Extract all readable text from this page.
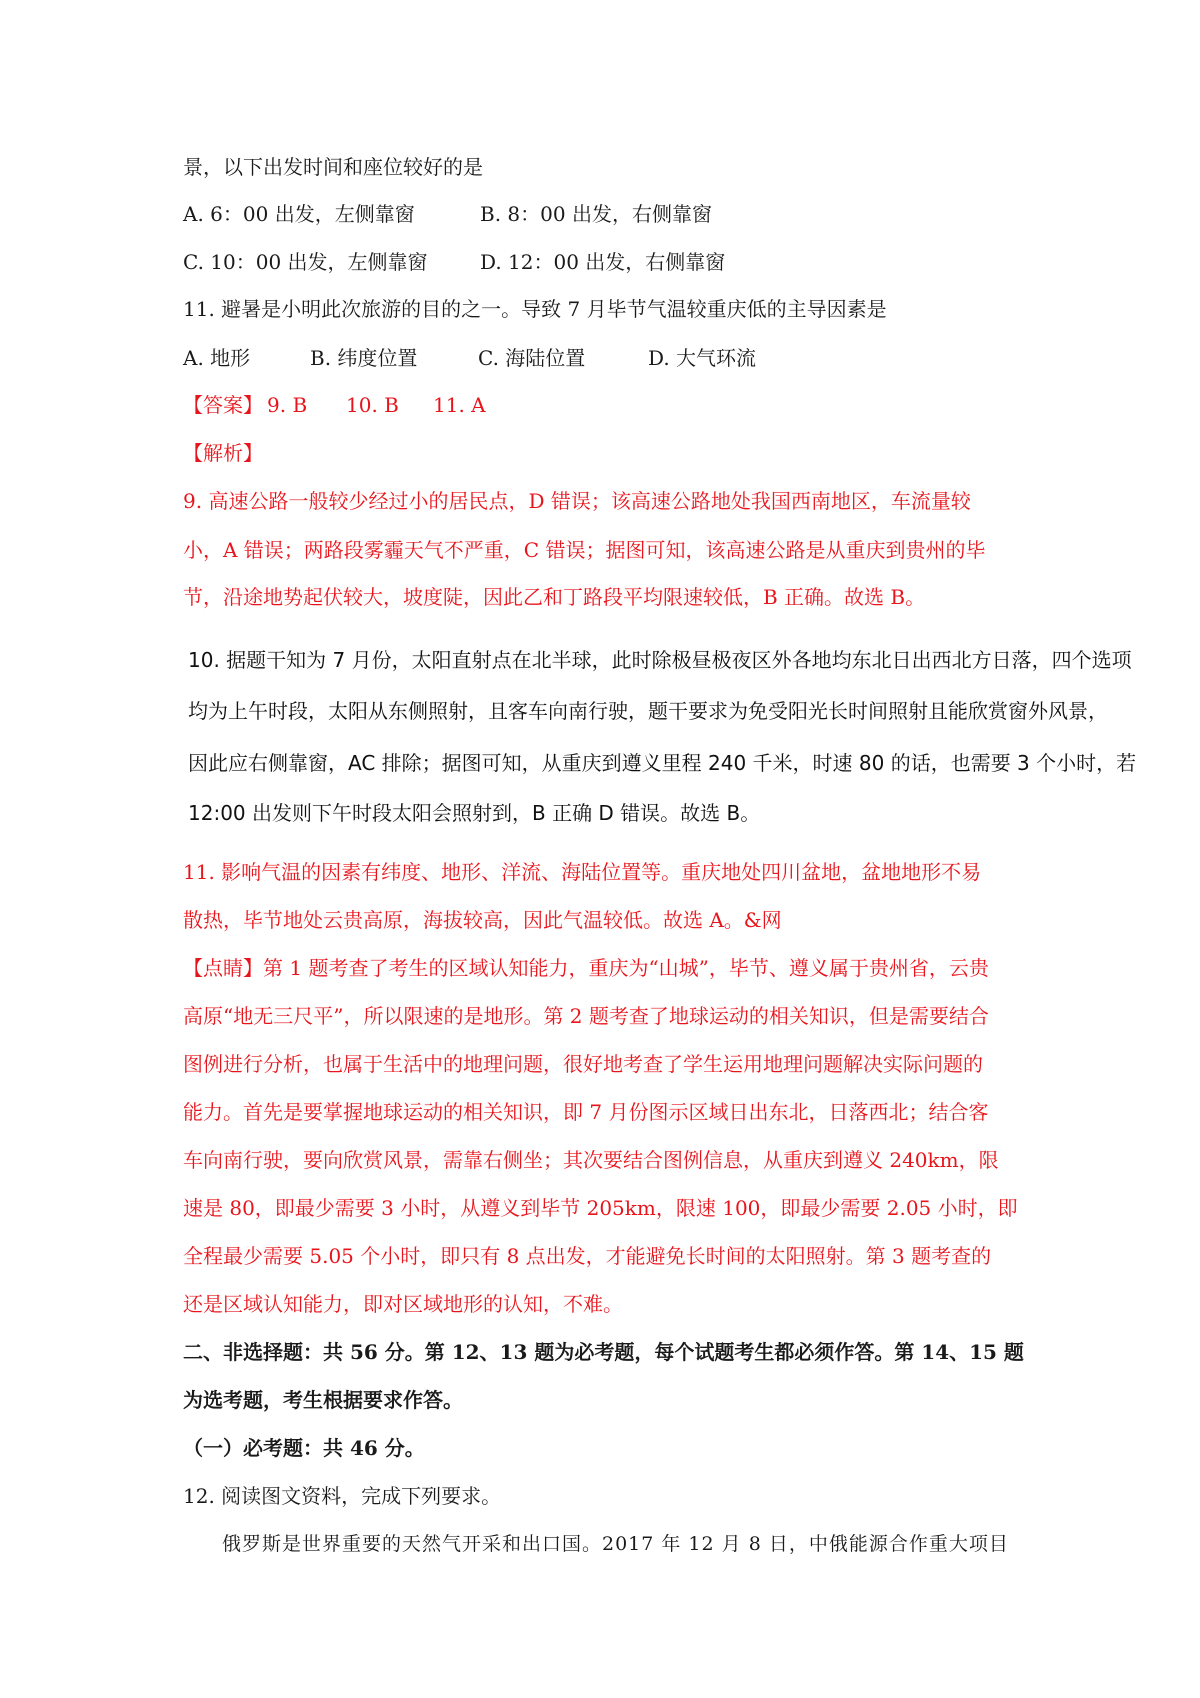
景，以下出发时间和座位较好的是
A. 6：00 出发，左侧靠窗	B. 8：00 出发，右侧靠窗
C. 10：00 出发，左侧靠窗	D. 12：00 出发，右侧靠窗
11. 避暑是小明此次旅游的目的之一。导致 7 月毕节气温较重庆低的主导因素是
A. 地形	B. 纬度位置	C. 海陆位置	D. 大气环流
【答案】 9. B 10. B 11. A
【解析】
9. 高速公路一般较少经过小的居民点，D 错误；该高速公路地处我国西南地区，车流量较
小，A 错误；两路段雾霾天气不严重，C 错误；据图可知，该高速公路是从重庆到贵州的毕
节，沿途地势起伏较大，坡度陡，因此乙和丁路段平均限速较低，B 正确。故选 B。
10. 据题干知为 7 月份，太阳直射点在北半球，此时除极昼极夜区外各地均东北日出西北方日落，四个选项
均为上午时段，太阳从东侧照射，且客车向南行驶，题干要求为免受阳光长时间照射且能欣赏窗外风景，
因此应右侧靠窗，AC 排除；据图可知，从重庆到遵义里程 240 千米，时速 80 的话，也需要 3 个小时，若
12:00 出发则下午时段太阳会照射到，B 正确 D 错误。故选 B。
11. 影响气温的因素有纬度、地形、洋流、海陆位置等。重庆地处四川盆地，盆地地形不易
散热，毕节地处云贵高原，海拔较高，因此气温较低。故选 A。&网
【点睛】第 1 题考查了考生的区域认知能力，重庆为“山城”，毕节、遵义属于贵州省，云贵
高原“地无三尺平”，所以限速的是地形。第 2 题考查了地球运动的相关知识，但是需要结合
图例进行分析，也属于生活中的地理问题，很好地考查了学生运用地理问题解决实际问题的
能力。首先是要掌握地球运动的相关知识，即 7 月份图示区域日出东北，日落西北；结合客
车向南行驶，要向欣赏风景，需靠右侧坐；其次要结合图例信息，从重庆到遵义 240km，限
速是 80，即最少需要 3 小时，从遵义到毕节 205km，限速 100，即最少需要 2.05 小时，即
全程最少需要 5.05 个小时，即只有 8 点出发，才能避免长时间的太阳照射。第 3 题考查的
还是区域认知能力，即对区域地形的认知，不难。
二、非选择题：共 56 分。第 12、13 题为必考题，每个试题考生都必须作答。第 14、15 题
为选考题，考生根据要求作答。
（一）必考题：共 46 分。
12. 阅读图文资料，完成下列要求。
俄罗斯是世界重要的天然气开采和出口国。2017 年 12 月 8 日，中俄能源合作重大项目
